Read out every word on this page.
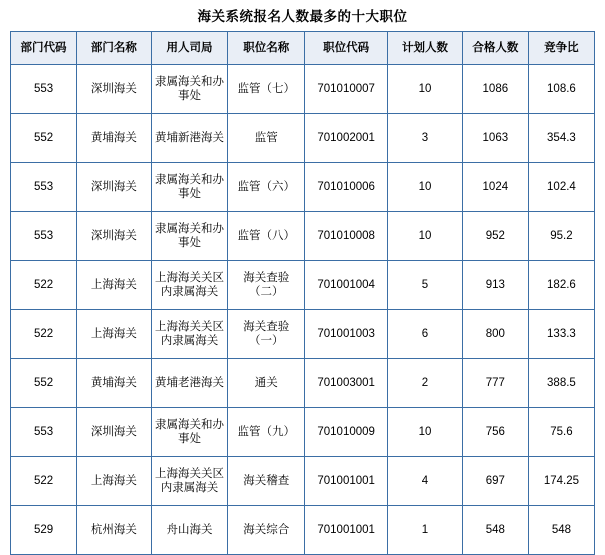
海关系统报名人数最多的十大职位
部门代码	部门名称	用人司局	职位名称	职位代码	计划人数	合格人数	竞争比
553	深圳海关	隶属海关和办事处	监管（七）	701010007	10	1086	108.6
552	黄埔海关	黄埔新港海关	监管	701002001	3	1063	354.3
553	深圳海关	隶属海关和办事处	监管（六）	701010006	10	1024	102.4
553	深圳海关	隶属海关和办事处	监管（八）	701010008	10	952	95.2
522	上海海关	上海海关关区内隶属海关	海关查验（二）	701001004	5	913	182.6
522	上海海关	上海海关关区内隶属海关	海关查验（一）	701001003	6	800	133.3
552	黄埔海关	黄埔老港海关	通关	701003001	2	777	388.5
553	深圳海关	隶属海关和办事处	监管（九）	701010009	10	756	75.6
522	上海海关	上海海关关区内隶属海关	海关稽查	701001001	4	697	174.25
529	杭州海关	舟山海关	海关综合	701001001	1	548	548
